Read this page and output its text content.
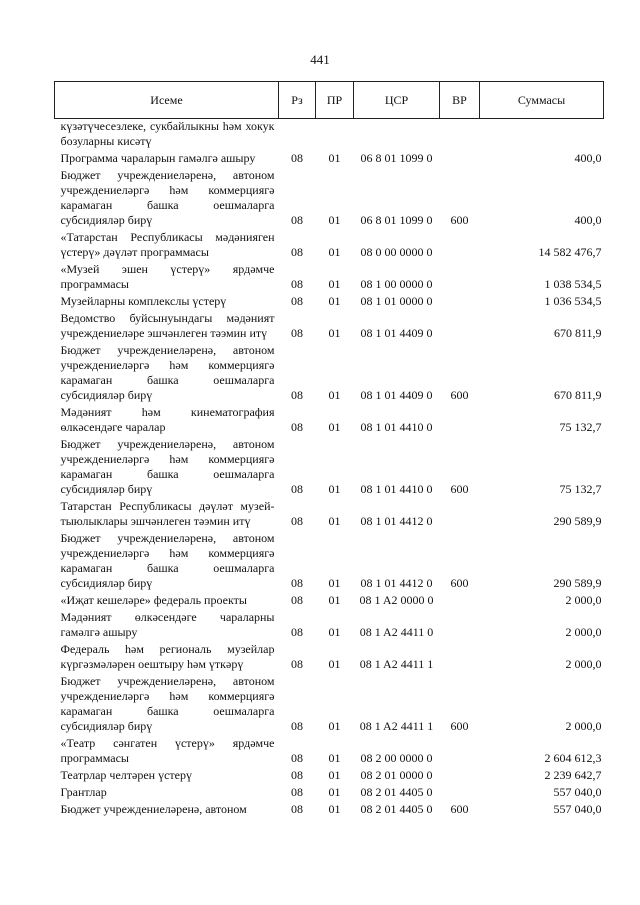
441
Исеме	Рз	ПР	ЦСР	ВР	Суммасы
күзәтүчесезлеке, сукбайлыкны һәм хокук бозуларны кисәтү					
Программа чараларын гамәлгә ашыру	08	01	06 8 01 1099 0		400,0
Бюджет учреждениеләренә, автоном учреждениеләргә һәм коммерциягә карамаган башка оешмаларга субсидияләр бирү	08	01	06 8 01 1099 0	600	400,0
«Татарстан Республикасы мәдәнияген үстерү» дәүләт программасы	08	01	08 0 00 0000 0		14 582 476,7
«Музей эшен үстерү» ярдәмче программасы	08	01	08 1 00 0000 0		1 038 534,5
Музейларны комплекслы үстерү	08	01	08 1 01 0000 0		1 036 534,5
Ведомство буйсынуындагы мәдәният учреждениеләре эшчәнлеген тәэмин итү	08	01	08 1 01 4409 0		670 811,9
Бюджет учреждениеләренә, автоном учреждениеләргә һәм коммерциягә карамаган башка оешмаларга субсидияләр бирү	08	01	08 1 01 4409 0	600	670 811,9
Мәдәният һәм кинематография өлкәсендәге чаралар	08	01	08 1 01 4410 0		75 132,7
Бюджет учреждениеләренә, автоном учреждениеләргә һәм коммерциягә карамаган башка оешмаларга субсидияләр бирү	08	01	08 1 01 4410 0	600	75 132,7
Татарстан Республикасы дәүләт музей-тыюлыклары эшчәнлеген тәэмин итү	08	01	08 1 01 4412 0		290 589,9
Бюджет учреждениеләренә, автоном учреждениеләргә һәм коммерциягә карамаган башка оешмаларга субсидияләр бирү	08	01	08 1 01 4412 0	600	290 589,9
«Иҗат кешеләре» федераль проекты	08	01	08 1 A2 0000 0		2 000,0
Мәдәният өлкәсендәге чараларны гамәлгә ашыру	08	01	08 1 A2 4411 0		2 000,0
Федераль һәм региональ музейлар күргәзмәләрен оештыру һәм үткәрү	08	01	08 1 A2 4411 1		2 000,0
Бюджет учреждениеләренә, автоном учреждениеләргә һәм коммерциягә карамаган башка оешмаларга субсидияләр бирү	08	01	08 1 A2 4411 1	600	2 000,0
«Театр сәнгатен үстерү» ярдәмче программасы	08	01	08 2 00 0000 0		2 604 612,3
Театрлар челтәрен үстерү	08	01	08 2 01 0000 0		2 239 642,7
Грантлар	08	01	08 2 01 4405 0		557 040,0
Бюджет учреждениеләренә, автоном	08	01	08 2 01 4405 0	600	557 040,0
